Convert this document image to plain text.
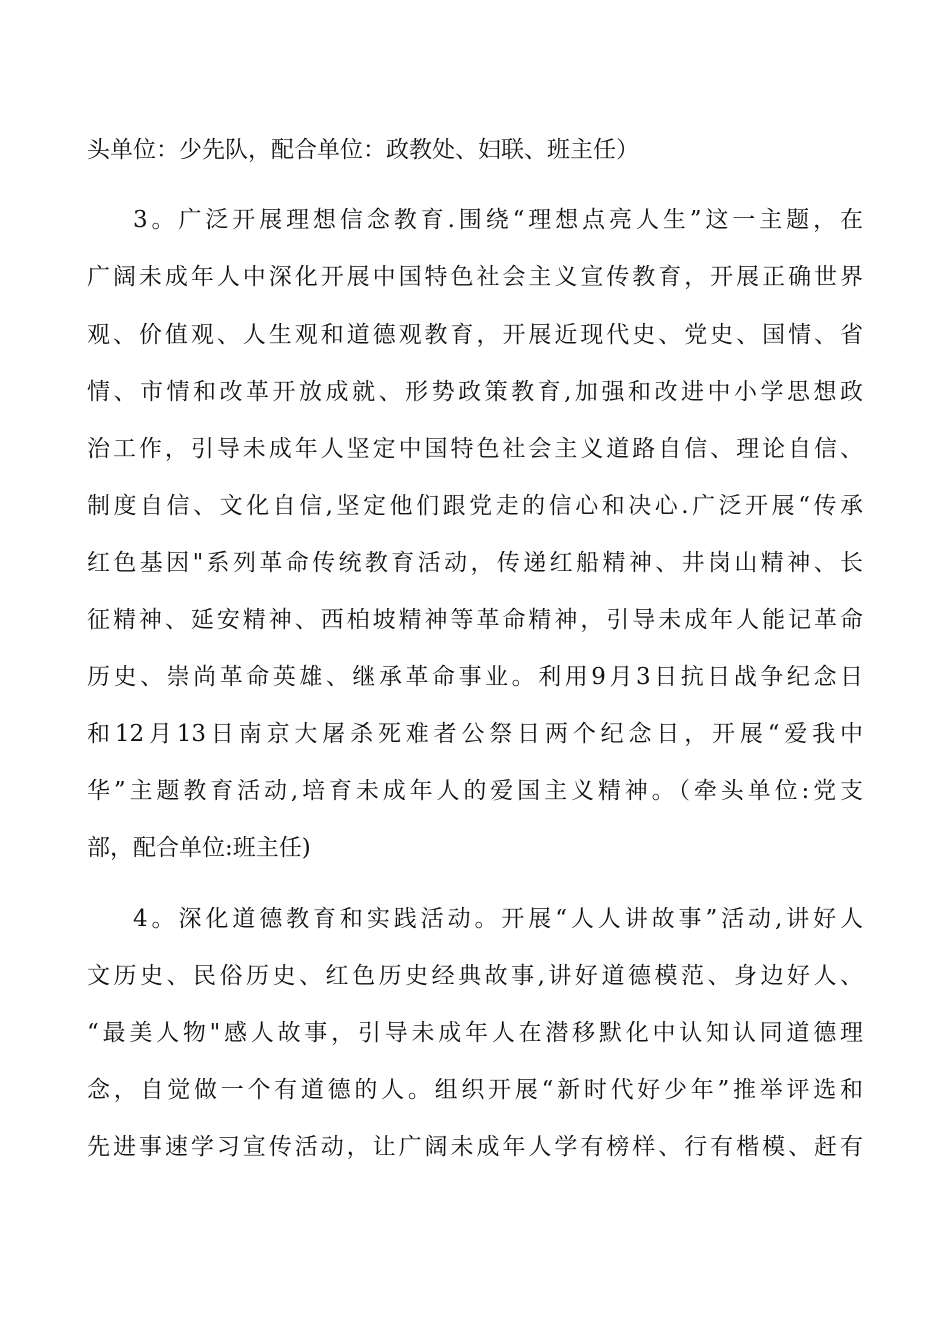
头单位：少先队，配合单位：政教处、妇联、班主任）
3。广泛开展理想信念教育.围绕“理想点亮人生”这一主题，在
广阔未成年人中深化开展中国特色社会主义宣传教育，开展正确世界
观、价值观、人生观和道德观教育，开展近现代史、党史、国情、省
情、市情和改革开放成就、形势政策教育,加强和改进中小学思想政
治工作，引导未成年人坚定中国特色社会主义道路自信、理论自信、
制度自信、文化自信,坚定他们跟党走的信心和决心.广泛开展“传承
红色基因"系列革命传统教育活动，传递红船精神、井岗山精神、长
征精神、延安精神、西柏坡精神等革命精神，引导未成年人能记革命
历史、崇尚革命英雄、继承革命事业。利用9月3日抗日战争纪念日
和12月13日南京大屠杀死难者公祭日两个纪念日，开展“爱我中
华”主题教育活动,培育未成年人的爱国主义精神。（牵头单位:党支
部，配合单位:班主任)
4。深化道德教育和实践活动。开展“人人讲故事”活动,讲好人
文历史、民俗历史、红色历史经典故事,讲好道德模范、身边好人、
“最美人物"感人故事，引导未成年人在潜移默化中认知认同道德理
念，自觉做一个有道德的人。组织开展“新时代好少年”推举评选和
先进事速学习宣传活动，让广阔未成年人学有榜样、行有楷模、赶有
